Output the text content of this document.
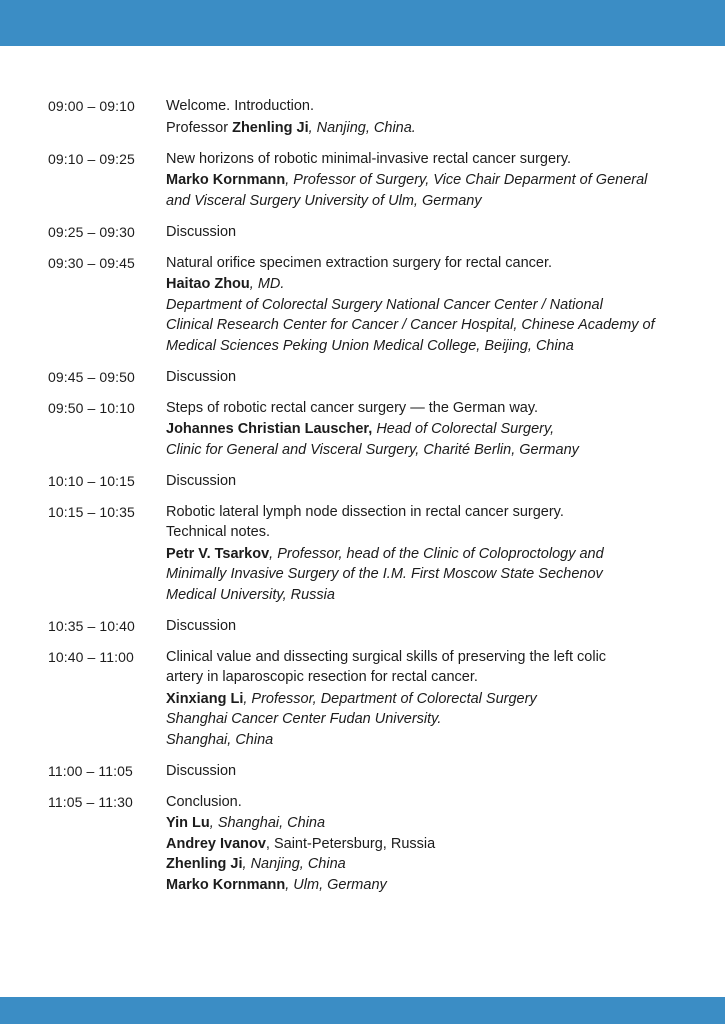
09:00 – 09:10 Welcome. Introduction.
Professor Zhenling Ji, Nanjing, China.
09:10 – 09:25 New horizons of robotic minimal-invasive rectal cancer surgery.
Marko Kornmann, Professor of Surgery, Vice Chair Deparment of General
and Visceral Surgery University of Ulm, Germany
09:25 – 09:30 Discussion
09:30 – 09:45 Natural orifice specimen extraction surgery for rectal cancer.
Haitao Zhou, MD.
Department of Colorectal Surgery National Cancer Center / National
Clinical Research Center for Cancer / Cancer Hospital, Chinese Academy of
Medical Sciences Peking Union Medical College, Beijing, China
09:45 – 09:50 Discussion
09:50 – 10:10 Steps of robotic rectal cancer surgery — the German way.
Johannes Christian Lauscher, Head of Colorectal Surgery,
Clinic for General and Visceral Surgery, Charité Berlin, Germany
10:10 – 10:15 Discussion
10:15 – 10:35 Robotic lateral lymph node dissection in rectal cancer surgery.
Technical notes.
Petr V. Tsarkov, Professor, head of the Clinic of Coloproctology and
Minimally Invasive Surgery of the I.M. First Moscow State Sechenov
Medical University, Russia
10:35 – 10:40 Discussion
10:40 – 11:00 Clinical value and dissecting surgical skills of preserving the left colic
artery in laparoscopic resection for rectal cancer.
Xinxiang Li, Professor, Department of Colorectal Surgery
Shanghai Cancer Center Fudan University.
Shanghai, China
11:00 – 11:05 Discussion
11:05 – 11:30 Conclusion.
Yin Lu, Shanghai, China
Andrey Ivanov, Saint-Petersburg, Russia
Zhenling Ji, Nanjing, China
Marko Kornmann, Ulm, Germany
